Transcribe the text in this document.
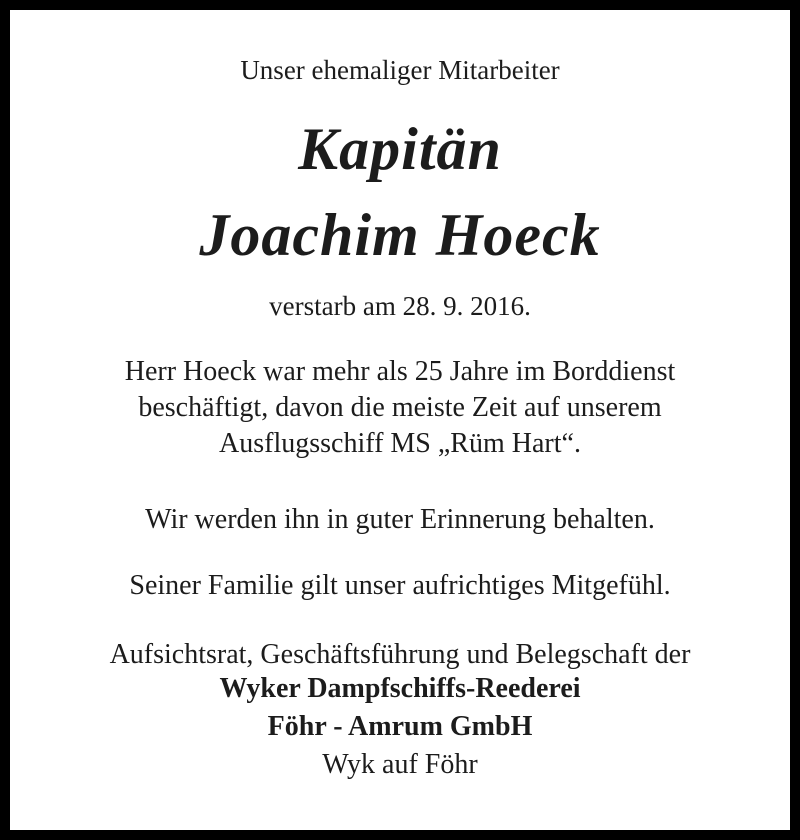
Unser ehemaliger Mitarbeiter
Kapitän
Joachim Hoeck
verstarb am 28. 9. 2016.
Herr Hoeck war mehr als 25 Jahre im Borddienst
beschäftigt, davon die meiste Zeit auf unserem
Ausflugsschiff MS „Rüm Hart“.
Wir werden ihn in guter Erinnerung behalten.
Seiner Familie gilt unser aufrichtiges Mitgefühl.
Aufsichtsrat, Geschäftsführung und Belegschaft der
Wyker Dampfschiffs-Reederei
Föhr - Amrum GmbH
Wyk auf Föhr
